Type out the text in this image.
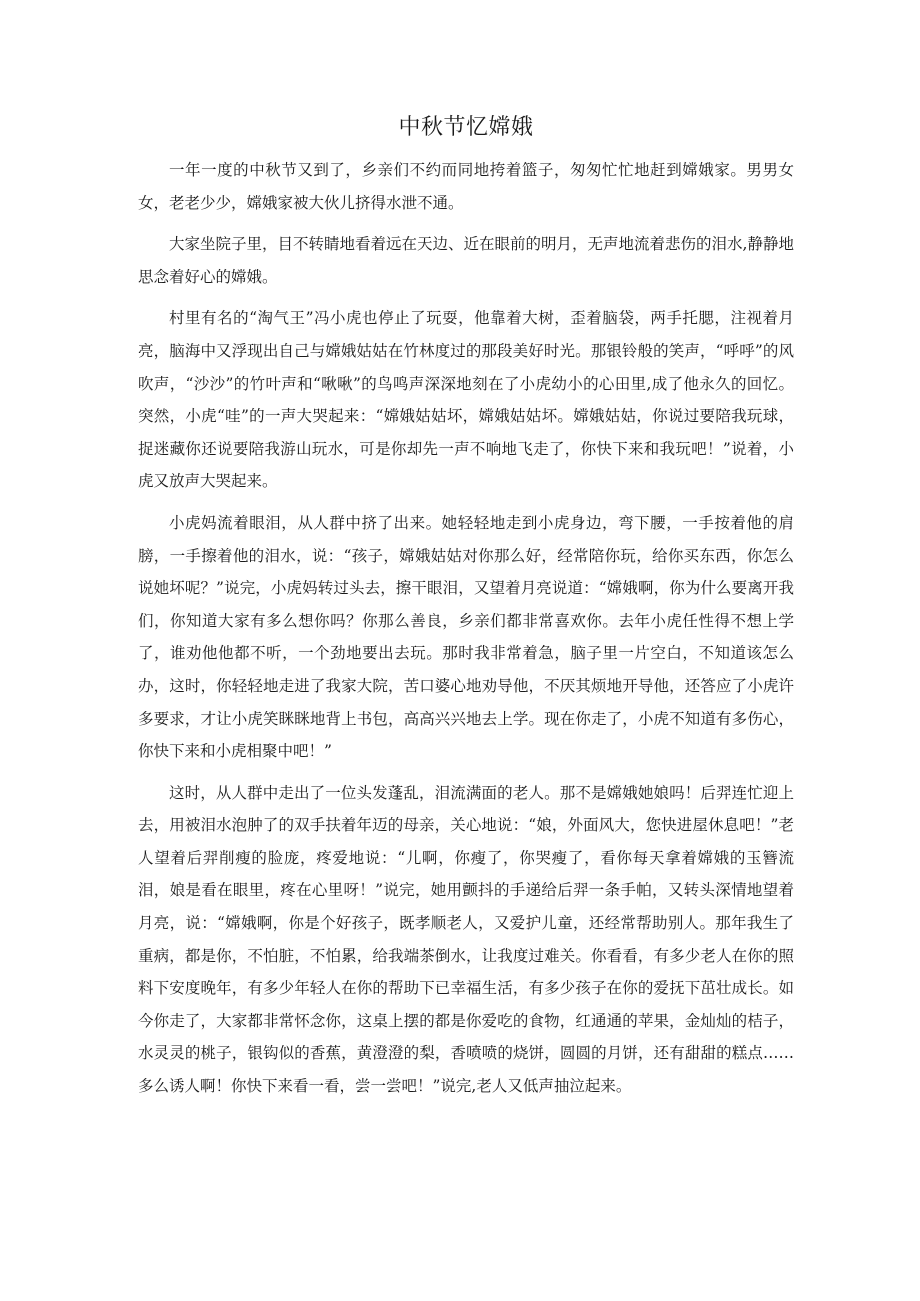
中秋节忆嫦娥

一年一度的中秋节又到了，乡亲们不约而同地挎着篮子，匆匆忙忙地赶到嫦娥家。男男女女，老老少少，嫦娥家被大伙儿挤得水泄不通。

大家坐院子里，目不转睛地看着远在天边、近在眼前的明月，无声地流着悲伤的泪水,静静地思念着好心的嫦娥。

村里有名的“淘气王”冯小虎也停止了玩耍，他靠着大树，歪着脑袋，两手托腮，注视着月亮，脑海中又浮现出自己与嫦娥姑姑在竹林度过的那段美好时光。那银铃般的笑声，“呼呼”的风吹声，“沙沙”的竹叶声和“啾啾”的鸟鸣声深深地刻在了小虎幼小的心田里,成了他永久的回忆。突然，小虎“哇”的一声大哭起来：“嫦娥姑姑坏，嫦娥姑姑坏。嫦娥姑姑，你说过要陪我玩球，捉迷藏你还说要陪我游山玩水，可是你却先一声不响地飞走了，你快下来和我玩吧！”说着，小虎又放声大哭起来。

小虎妈流着眼泪，从人群中挤了出来。她轻轻地走到小虎身边，弯下腰，一手按着他的肩膀，一手擦着他的泪水，说：“孩子，嫦娥姑姑对你那么好，经常陪你玩，给你买东西，你怎么说她坏呢？”说完，小虎妈转过头去，擦干眼泪，又望着月亮说道：“嫦娥啊，你为什么要离开我们，你知道大家有多么想你吗？你那么善良，乡亲们都非常喜欢你。去年小虎任性得不想上学了，谁劝他他都不听，一个劲地要出去玩。那时我非常着急，脑子里一片空白，不知道该怎么办，这时，你轻轻地走进了我家大院，苦口婆心地劝导他，不厌其烦地开导他，还答应了小虎许多要求，才让小虎笑眯眯地背上书包，高高兴兴地去上学。现在你走了，小虎不知道有多伤心，你快下来和小虎相聚中吧！”

这时，从人群中走出了一位头发蓬乱，泪流满面的老人。那不是嫦娥她娘吗！后羿连忙迎上去，用被泪水泡肿了的双手扶着年迈的母亲，关心地说：“娘，外面风大，您快进屋休息吧！”老人望着后羿削瘦的脸庞，疼爱地说：“儿啊，你瘦了，你哭瘦了，看你每天拿着嫦娥的玉簪流泪，娘是看在眼里，疼在心里呀！”说完，她用颤抖的手递给后羿一条手帕，又转头深情地望着月亮，说：“嫦娥啊，你是个好孩子，既孝顺老人，又爱护儿童，还经常帮助别人。那年我生了重病，都是你，不怕脏，不怕累，给我端茶倒水，让我度过难关。你看看，有多少老人在你的照料下安度晚年，有多少年轻人在你的帮助下已幸福生活，有多少孩子在你的爱抚下茁壮成长。如今你走了，大家都非常怀念你，这桌上摆的都是你爱吃的食物，红通通的苹果，金灿灿的桔子，水灵灵的桃子，银钩似的香蕉，黄澄澄的梨，香喷喷的烧饼，圆圆的月饼，还有甜甜的糕点……多么诱人啊！你快下来看一看，尝一尝吧！”说完,老人又低声抽泣起来。
